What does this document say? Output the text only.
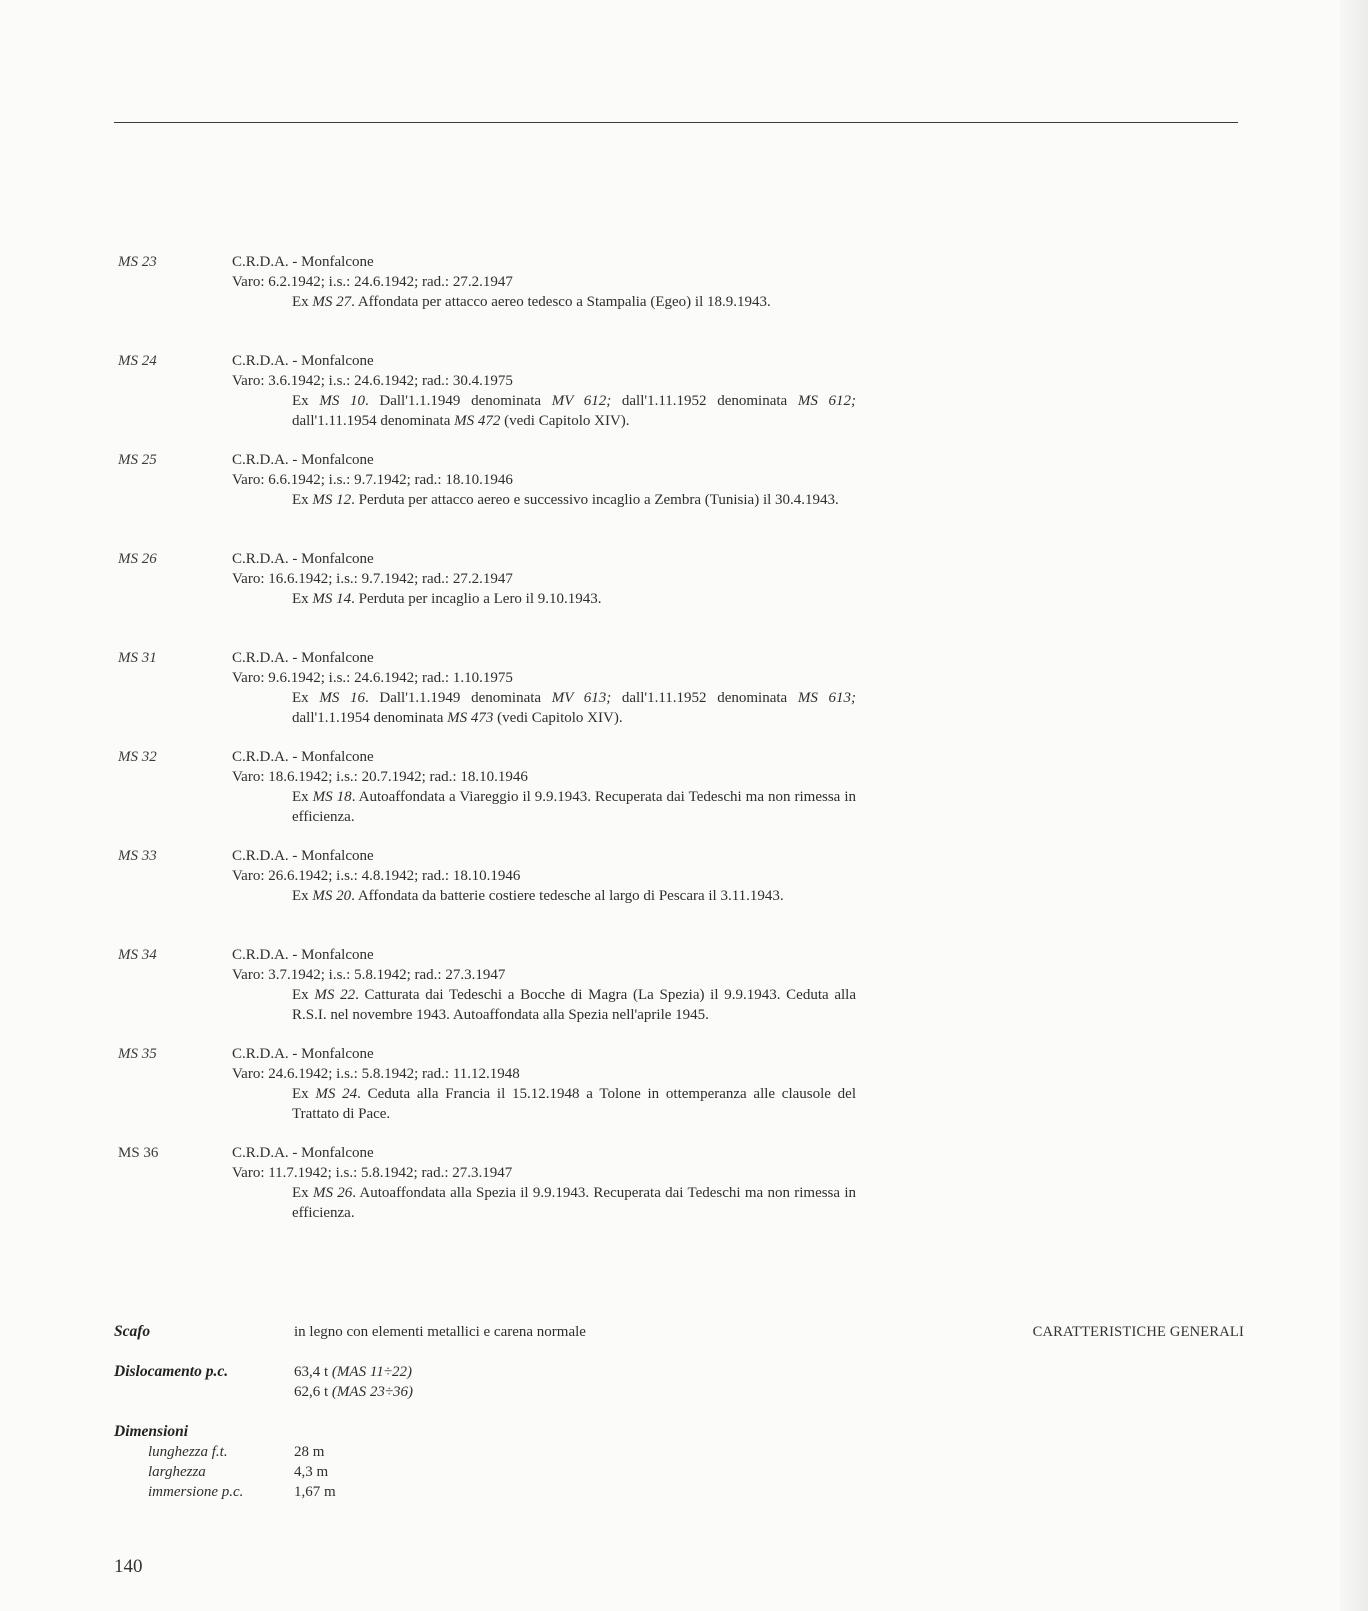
MS 23	C.R.D.A. - Monfalcone
Varo: 6.2.1942; i.s.: 24.6.1942; rad.: 27.2.1947
Ex MS 27. Affondata per attacco aereo tedesco a Stampalia (Egeo) il 18.9.1943.
MS 24	C.R.D.A. - Monfalcone
Varo: 3.6.1942; i.s.: 24.6.1942; rad.: 30.4.1975
Ex MS 10. Dall'1.1.1949 denominata MV 612; dall'1.11.1952 denominata MS 612; dall'1.11.1954 denominata MS 472 (vedi Capitolo XIV).
MS 25	C.R.D.A. - Monfalcone
Varo: 6.6.1942; i.s.: 9.7.1942; rad.: 18.10.1946
Ex MS 12. Perduta per attacco aereo e successivo incaglio a Zembra (Tunisia) il 30.4.1943.
MS 26	C.R.D.A. - Monfalcone
Varo: 16.6.1942; i.s.: 9.7.1942; rad.: 27.2.1947
Ex MS 14. Perduta per incaglio a Lero il 9.10.1943.
MS 31	C.R.D.A. - Monfalcone
Varo: 9.6.1942; i.s.: 24.6.1942; rad.: 1.10.1975
Ex MS 16. Dall'1.1.1949 denominata MV 613; dall'1.11.1952 denominata MS 613; dall'1.1.1954 denominata MS 473 (vedi Capitolo XIV).
MS 32	C.R.D.A. - Monfalcone
Varo: 18.6.1942; i.s.: 20.7.1942; rad.: 18.10.1946
Ex MS 18. Autoaffondata a Viareggio il 9.9.1943. Recuperata dai Tedeschi ma non rimessa in efficienza.
MS 33	C.R.D.A. - Monfalcone
Varo: 26.6.1942; i.s.: 4.8.1942; rad.: 18.10.1946
Ex MS 20. Affondata da batterie costiere tedesche al largo di Pescara il 3.11.1943.
MS 34	C.R.D.A. - Monfalcone
Varo: 3.7.1942; i.s.: 5.8.1942; rad.: 27.3.1947
Ex MS 22. Catturata dai Tedeschi a Bocche di Magra (La Spezia) il 9.9.1943. Ceduta alla R.S.I. nel novembre 1943. Autoaffondata alla Spezia nell'aprile 1945.
MS 35	C.R.D.A. - Monfalcone
Varo: 24.6.1942; i.s.: 5.8.1942; rad.: 11.12.1948
Ex MS 24. Ceduta alla Francia il 15.12.1948 a Tolone in ottemperanza alle clausole del Trattato di Pace.
MS 36	C.R.D.A. - Monfalcone
Varo: 11.7.1942; i.s.: 5.8.1942; rad.: 27.3.1947
Ex MS 26. Autoaffondata alla Spezia il 9.9.1943. Recuperata dai Tedeschi ma non rimessa in efficienza.
Scafo	in legno con elementi metallici e carena normale	CARATTERISTICHE GENERALI
Dislocamento p.c.	63,4 t (MAS 11÷22)
62,6 t (MAS 23÷36)
Dimensioni
lunghezza f.t.	28 m
larghezza	4,3 m
immersione p.c.	1,67 m
140
